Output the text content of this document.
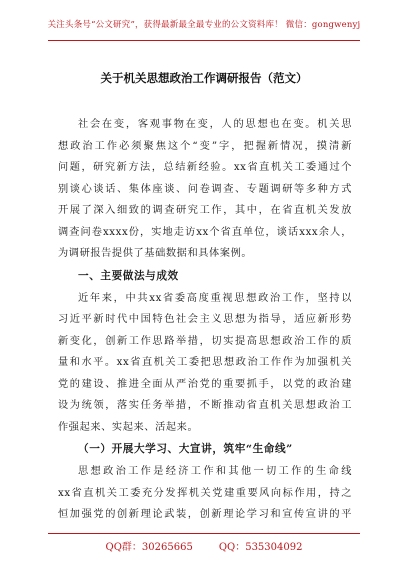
关注头条号“公文研究”，获得最新最全最专业的公文资料库！ 微信：gongwenyj
关于机关思想政治工作调研报告（范文）
社会在变，客观事物在变，人的思想也在变。机关思
想政治工作必须聚焦这个“变”字，把握新情况，摸清新
问题，研究新方法，总结新经验。xx省直机关工委通过个
别谈心谈话、集体座谈、问卷调查、专题调研等多种方式
开展了深入细致的调查研究工作，其中，在省直机关发放
调查问卷xxxx份，实地走访xx个省直单位，谈话xxx余人，
为调研报告提供了基础数据和具体案例。
一、主要做法与成效
近年来，中共xx省委高度重视思想政治工作，坚持以
习近平新时代中国特色社会主义思想为指导，适应新形势
新变化，创新工作思路举措，切实提高思想政治工作的质
量和水平。xx省直机关工委把思想政治工作作为加强机关
党的建设、推进全面从严治党的重要抓手，以党的政治建
设为统领，落实任务举措，不断推动省直机关思想政治工
作强起来、实起来、活起来。
（一）开展大学习、大宣讲，筑牢“生命线”
思想政治工作是经济工作和其他一切工作的生命线
xx省直机关工委充分发挥机关党建重要风向标作用，持之
恒加强党的创新理论武装，创新理论学习和宣传宣讲的平
QQ群：30265665	QQ：535304092
